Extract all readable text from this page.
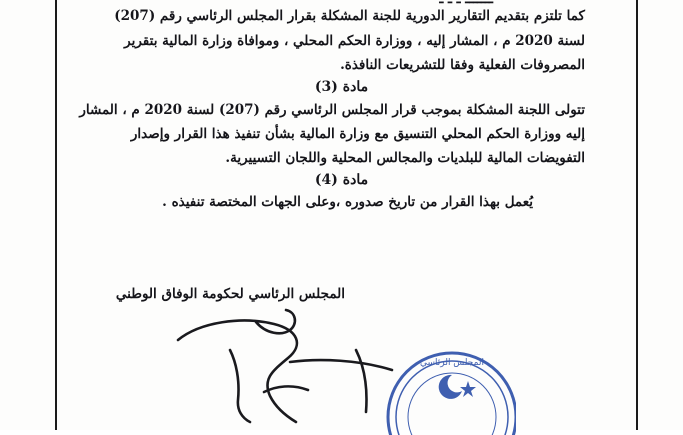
كما تلتزم بتقديم التقارير الدورية للجنة المشكلة بقرار المجلس الرئاسي رقم (207)
لسنة 2020 م ، المشار إليه ، ووزارة الحكم المحلي ، وموافاة وزارة المالية بتقرير
المصروفات الفعلية وفقا للتشريعات النافذة.
مادة (3)
تتولى اللجنة المشكلة بموجب قرار المجلس الرئاسي رقم (207) لسنة 2020 م ، المشار
إليه ووزارة الحكم المحلي التنسيق مع وزارة المالية بشأن تنفيذ هذا القرار وإصدار
التفويضات المالية للبلديات والمجالس المحلية واللجان التسييرية.
مادة (4)
يُعمل بهذا القرار من تاريخ صدوره ،وعلى الجهات المختصة تنفيذه .
المجلس الرئاسي لحكومة الوفاق الوطني
المجلس الرئاسي
